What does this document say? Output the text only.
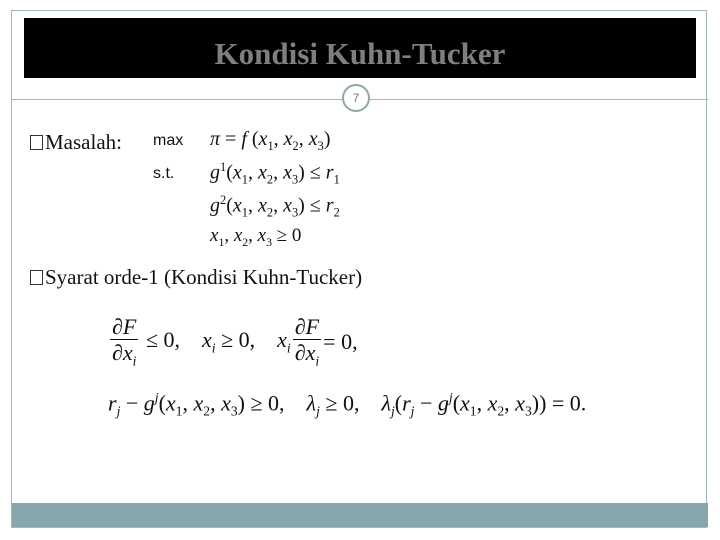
Kondisi Kuhn-Tucker
7
Masalah: max
s.t.
π = f ($x_1$, $x_2$, $x_3$)
$g^1(x_1$, $x_2$, $x_3) \le r_1$
$g^2(x_1$, $x_2$, $x_3) \le r_2$
$x_1$, $x_2$, $x_3 \ge 0$
Syarat orde-1 (Kondisi Kuhn-Tucker)
$\frac{\partial F}{\partial x_i} \le 0$,    $x_i \ge 0$,    $x_i \frac{\partial F}{\partial x_i} = 0$,
$r_j - g^j(x_1$, $x_2$, $x_3) \ge 0$,    $\lambda_j \ge 0$,    $\lambda_j(r_j - g^j(x_1$, $x_2$, $x_3)) = 0$.
